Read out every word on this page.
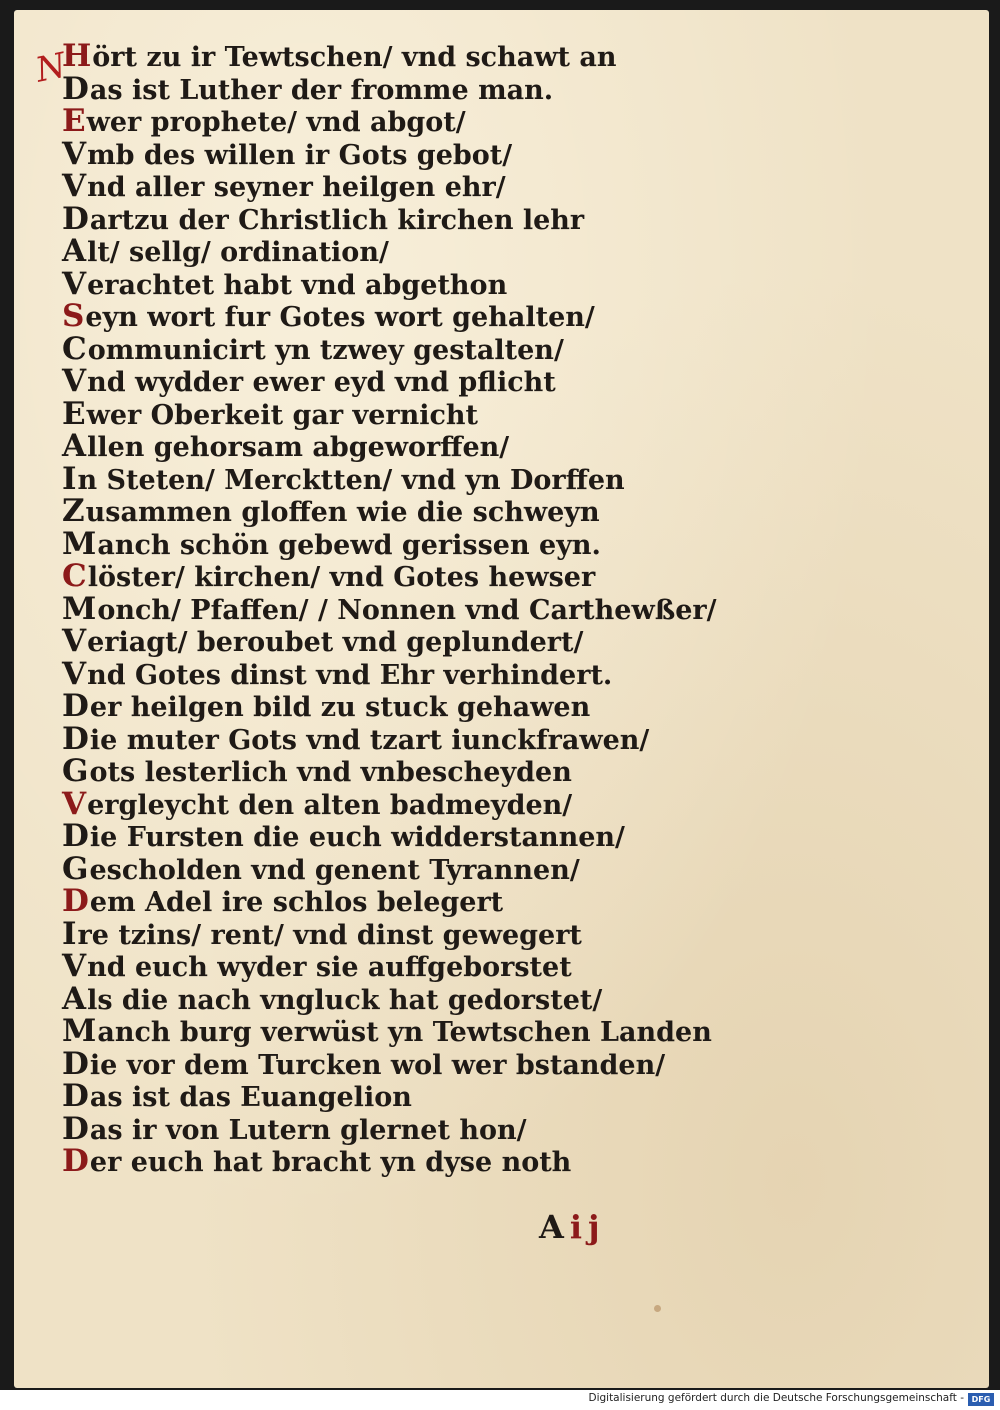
𝑁
Hört zu ir Tewtschen/ vnd schawt an
Das ist Luther der fromme man.
Ewer prophete/ vnd abgot/
Vmb des willen ir Gots gebot/
Vnd aller seyner heilgen ehr/
Dartzu der Christlich kirchen lehr
Alt/ sellg/ ordination/
Verachtet habt vnd abgethon
Seyn wort fur Gotes wort gehalten/
Communicirt yn tzwey gestalten/
Vnd wydder ewer eyd vnd pflicht
Ewer Oberkeit gar vernicht
Allen gehorsam abgeworffen/
In Steten/ Mercktten/ vnd yn Dorffen
Zusammen gloffen wie die schweyn
Manch schön gebewd gerissen eyn.
Clöster/ kirchen/ vnd Gotes hewser
Monch/ Pfaffen/ / Nonnen vnd Carthewßer/
Veriagt/ beroubet vnd geplundert/
Vnd Gotes dinst vnd Ehr verhindert.
Der heilgen bild zu stuck gehawen
Die muter Gots vnd tzart iunckfrawen/
Gots lesterlich vnd vnbescheyden
Vergleycht den alten badmeyden/
Die Fursten die euch widderstannen/
Gescholden vnd genent Tyrannen/
Dem Adel ire schlos belegert
Ire tzins/ rent/ vnd dinst gewegert
Vnd euch wyder sie auffgeborstet
Als die nach vngluck hat gedorstet/
Manch burg verwüst yn Tewtschen Landen
Die vor dem Turcken wol wer bstanden/
Das ist das Euangelion
Das ir von Lutern glernet hon/
Der euch hat bracht yn dyse noth
Aij
Digitalisierung gefördert durch die Deutsche Forschungsgemeinschaft - DFG
